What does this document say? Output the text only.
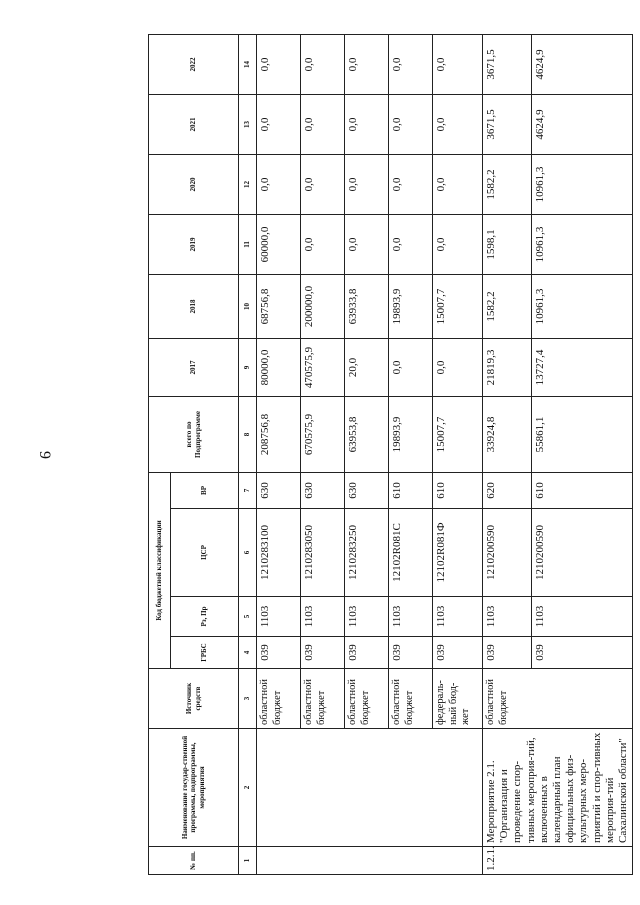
9
№ пп.	Наименование государ-ственной программы, подпрограммы, мероприятия	Источник средств	Код бюджетной классификации				всего по Подпрограмме	2017	2018	2019	2020	2021	2022
			ГРБС	Рз, Пр	ЦСР	ВР							
1	2	3	4	5	6	7	8	9	10	11	12	13	14
		областной бюджет	039	1103	1210283100	630	208756,8	80000,0	68756,8	60000,0	0,0	0,0	0,0
		областной бюджет	039	1103	1210283050	630	670575,9	470575,9	200000,0	0,0	0,0	0,0	0,0
		областной бюджет	039	1103	1210283250	630	63953,8	20,0	63933,8	0,0	0,0	0,0	0,0
		областной бюджет	039	1103	12102R081С	610	19893,9	0,0	19893,9	0,0	0,0	0,0	0,0
		федераль-ный бюд-жет	039	1103	12102R081Ф	610	15007,7	0,0	15007,7	0,0	0,0	0,0	0,0
1.2.1.	Мероприятие 2.1. "Организация и проведение спор-тивных мероприя-тий, включенных в календарный план официальных физ-культурных меро-приятий и спор-тивных мероприя-тий Сахалинской области"	областной бюджет	039	1103	1210200590	620	33924,8	21819,3	1582,2	1598,1	1582,2	3671,5	3671,5
			039	1103	1210200590	610	55861,1	13727,4	10961,3	10961,3	10961,3	4624,9	4624,9
